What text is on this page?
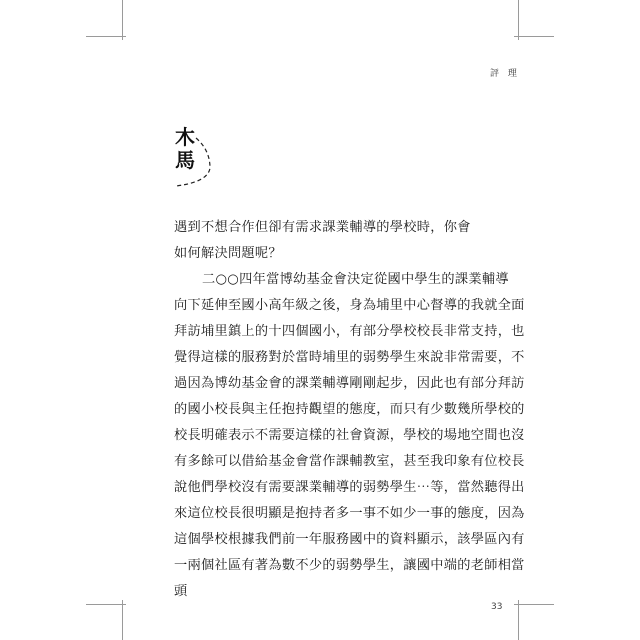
評 理
木
馬
遇到不想合作但卻有需求課業輔導的學校時，你會如何解決問題呢？
二○○四年當博幼基金會決定從國中學生的課業輔導
向下延伸至國小高年級之後，身為埔里中心督導的我就全面
拜訪埔里鎮上的十四個國小，有部分學校校長非常支持，也
覺得這樣的服務對於當時埔里的弱勢學生來說非常需要，不
過因為博幼基金會的課業輔導剛剛起步，因此也有部分拜訪
的國小校長與主任抱持觀望的態度，而只有少數幾所學校的
校長明確表示不需要這樣的社會資源，學校的場地空間也沒
有多餘可以借給基金會當作課輔教室，甚至我印象有位校長
說他們學校沒有需要課業輔導的弱勢學生⋯等，當然聽得出
來這位校長很明顯是抱持者多一事不如少一事的態度，因為
這個學校根據我們前一年服務國中的資料顯示，該學區內有
一兩個社區有著為數不少的弱勢學生，讓國中端的老師相當
頭
33
